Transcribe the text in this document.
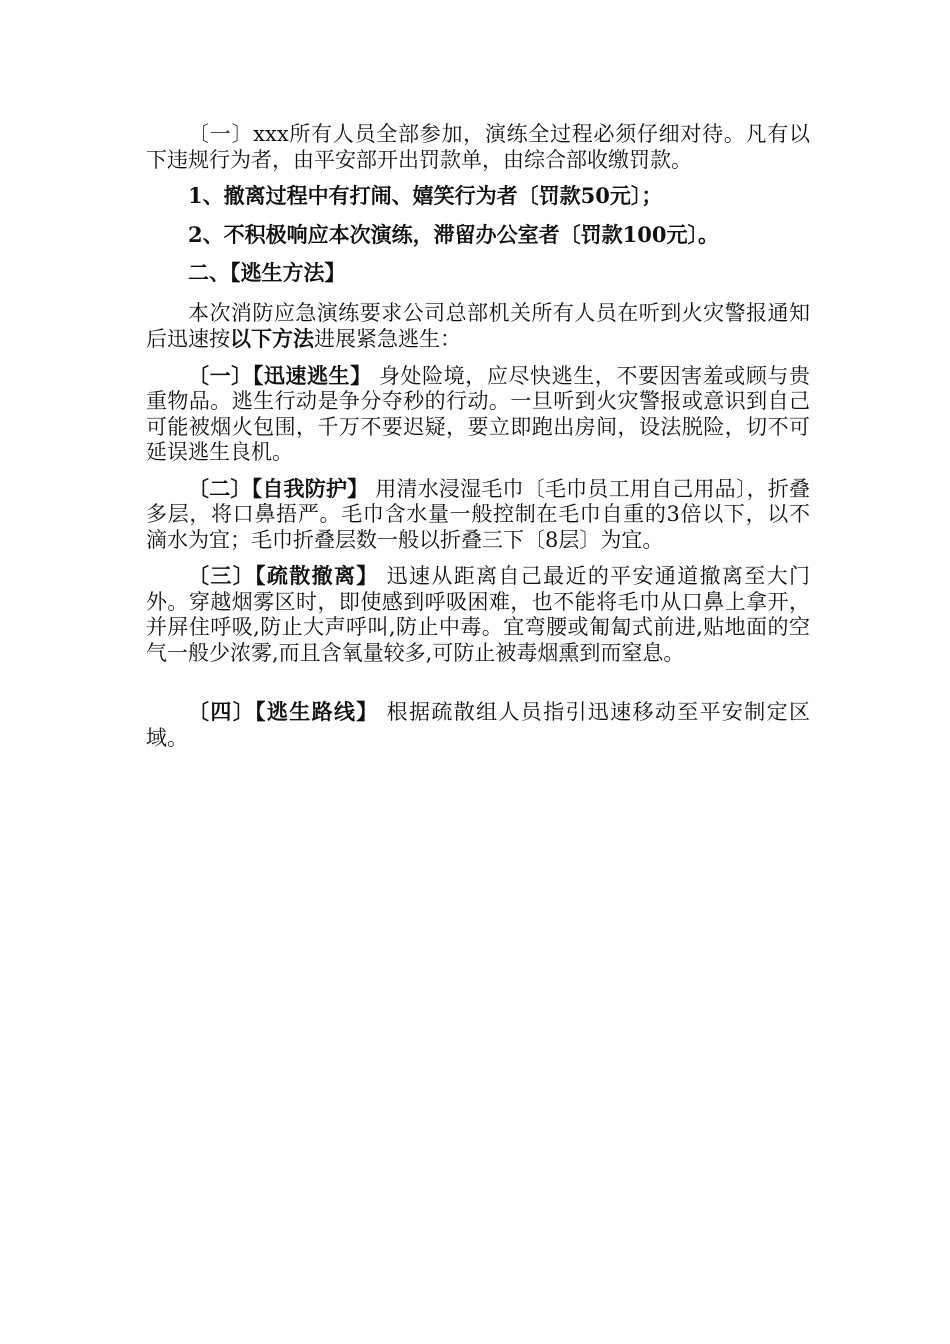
〔一〕xxx所有人员全部参加，演练全过程必须仔细对待。凡有以下违规行为者，由平安部开出罚款单，由综合部收缴罚款。

1、撤离过程中有打闹、嬉笑行为者〔罚款50元〕；

2、不积极响应本次演练，滞留办公室者〔罚款100元〕。

二、【逃生方法】

本次消防应急演练要求公司总部机关所有人员在听到火灾警报通知后迅速按以下方法进展紧急逃生：

〔一〕【迅速逃生】 身处险境，应尽快逃生，不要因害羞或顾与贵重物品。逃生行动是争分夺秒的行动。一旦听到火灾警报或意识到自己可能被烟火包围，千万不要迟疑，要立即跑出房间，设法脱险，切不可延误逃生良机。

〔二〕【自我防护】 用清水浸湿毛巾〔毛巾员工用自己用品〕，折叠多层，将口鼻捂严。毛巾含水量一般控制在毛巾自重的3倍以下，以不滴水为宜；毛巾折叠层数一般以折叠三下〔8层〕为宜。

〔三〕【疏散撤离】 迅速从距离自己最近的平安通道撤离至大门外。穿越烟雾区时，即使感到呼吸困难，也不能将毛巾从口鼻上拿开，并屏住呼吸,防止大声呼叫,防止中毒。宜弯腰或匍匐式前进,贴地面的空气一般少浓雾,而且含氧量较多,可防止被毒烟熏到而窒息。

〔四〕【逃生路线】 根据疏散组人员指引迅速移动至平安制定区域。
